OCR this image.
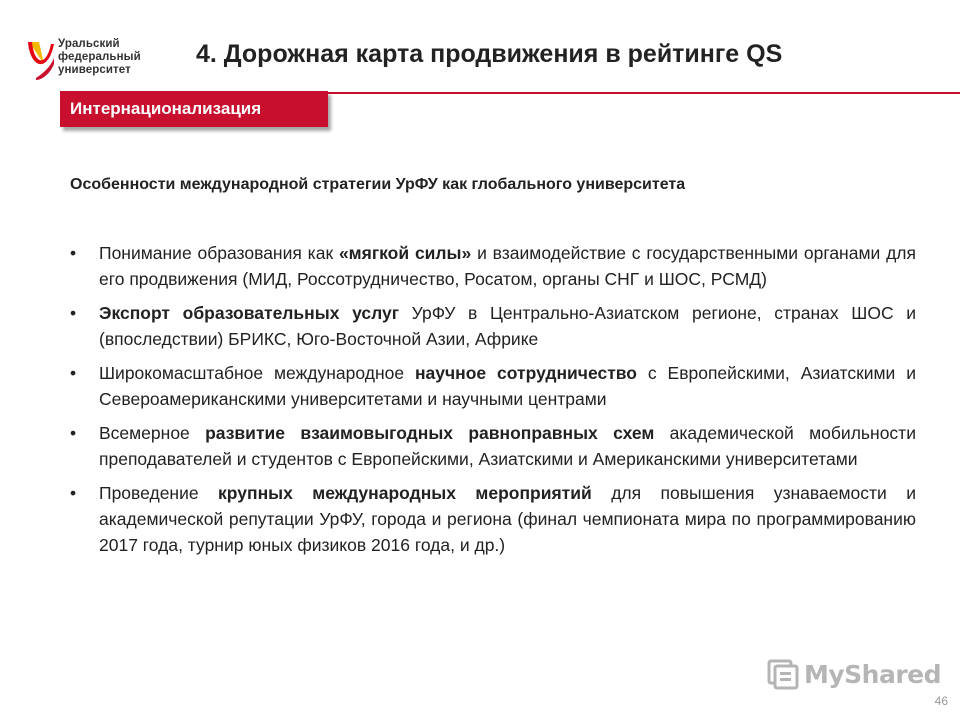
Уральский
федеральный
университет
4. Дорожная карта продвижения в рейтинге QS
Интернационализация
Особенности международной стратегии УрФУ как глобального университета
• Понимание образования как «мягкой силы» и взаимодействие с государственными органами для его продвижения (МИД, Россотрудничество, Росатом, органы СНГ и ШОС, РСМД)
• Экспорт образовательных услуг УрФУ в Центрально-Азиатском регионе, странах ШОС и (впоследствии) БРИКС, Юго-Восточной Азии, Африке
• Широкомасштабное международное научное сотрудничество с Европейскими, Азиатскими и Североамериканскими университетами и научными центрами
• Всемерное развитие взаимовыгодных равноправных схем академической мобильности преподавателей и студентов с Европейскими, Азиатскими и Американскими университетами
• Проведение крупных международных мероприятий для повышения узнаваемости и академической репутации УрФУ, города и региона (финал чемпионата мира по программированию 2017 года, турнир юных физиков 2016 года, и др.)
MyShared
46
